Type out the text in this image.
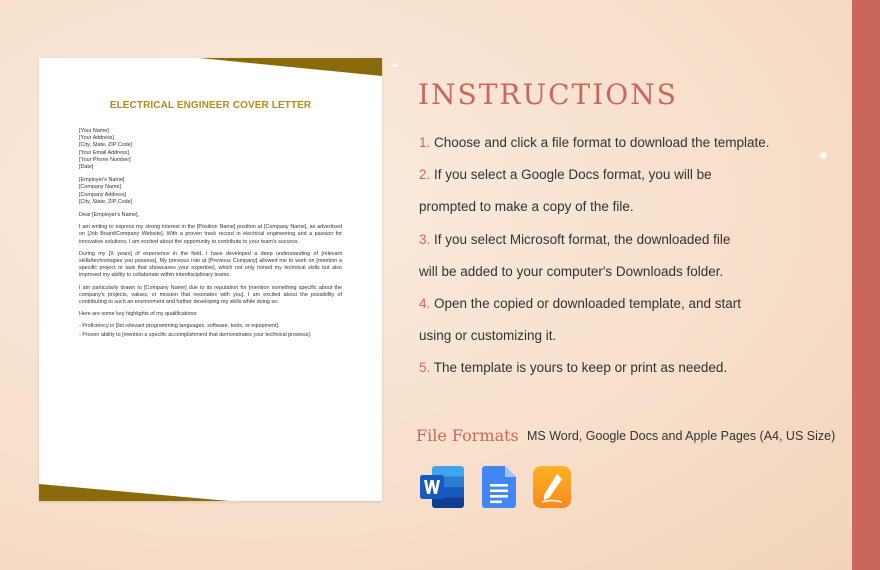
ELECTRICAL ENGINEER COVER LETTER
[Your Name]
[Your Address]
[City, State, ZIP Code]
[Your Email Address]
[Your Phone Number]
[Date]
[Employer's Name]
[Company Name]
[Company Address]
[City, State, ZIP Code]

Dear [Employer's Name],

I am writing to express my strong interest in the [Position Name] position at [Company Name], as advertised on [Job Board/Company Website]. With a proven track record in electrical engineering and a passion for innovative solutions, I am excited about the opportunity to contribute to your team's success.

During my [X years] of experience in the field, I have developed a deep understanding of [relevant skills/technologies you possess]. My previous role at [Previous Company] allowed me to work on [mention a specific project or task that showcases your expertise], which not only honed my technical skills but also improved my ability to collaborate within interdisciplinary teams.

I am particularly drawn to [Company Name] due to its reputation for [mention something specific about the company's projects, values, or mission that resonates with you]. I am excited about the possibility of contributing to such an environment and further developing my skills while doing so.

Here are some key highlights of my qualifications:

- Proficiency in [list relevant programming languages, software, tools, or equipment].

- Proven ability to [mention a specific accomplishment that demonstrates your technical prowess].

INSTRUCTIONS
1. Choose and click a file format to download the template.
2. If you select a Google Docs format, you will be
prompted to make a copy of the file.
3. If you select Microsoft format, the downloaded file
will be added to your computer's Downloads folder.
4. Open the copied or downloaded template, and start
using or customizing it.
5. The template is yours to keep or print as needed.
File Formats MS Word, Google Docs and Apple Pages (A4, US Size)
